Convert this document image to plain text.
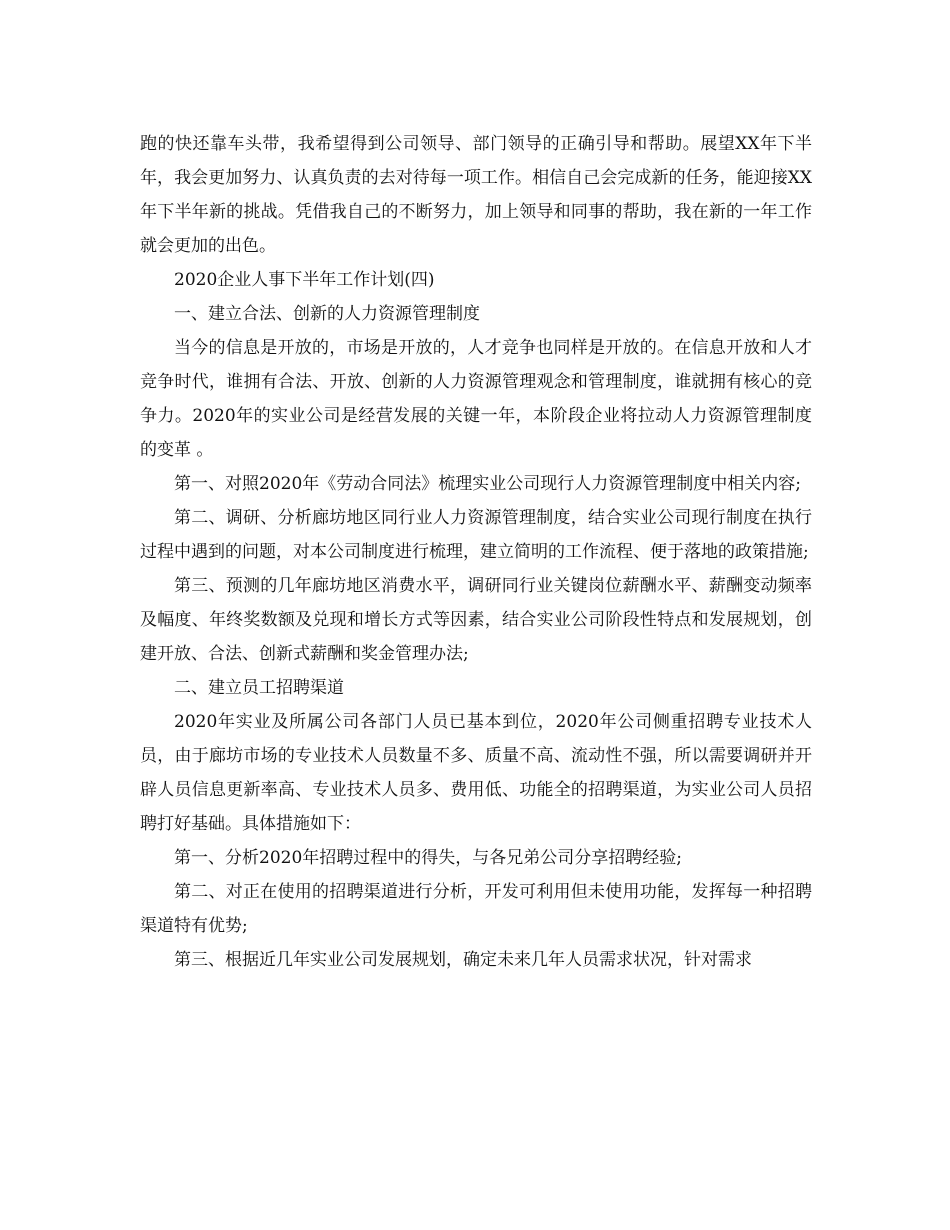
跑的快还靠车头带，我希望得到公司领导、部门领导的正确引导和帮助。展望XX年下半年，我会更加努力、认真负责的去对待每一项工作。相信自己会完成新的任务，能迎接XX年下半年新的挑战。凭借我自己的不断努力，加上领导和同事的帮助，我在新的一年工作就会更加的出色。

2020企业人事下半年工作计划(四)

一、建立合法、创新的人力资源管理制度

当今的信息是开放的，市场是开放的，人才竞争也同样是开放的。在信息开放和人才竞争时代，谁拥有合法、开放、创新的人力资源管理观念和管理制度，谁就拥有核心的竞争力。2020年的实业公司是经营发展的关键一年，本阶段企业将拉动人力资源管理制度的变革 。

第一、对照2020年《劳动合同法》梳理实业公司现行人力资源管理制度中相关内容;

第二、调研、分析廊坊地区同行业人力资源管理制度，结合实业公司现行制度在执行过程中遇到的问题，对本公司制度进行梳理，建立简明的工作流程、便于落地的政策措施;

第三、预测的几年廊坊地区消费水平，调研同行业关键岗位薪酬水平、薪酬变动频率及幅度、年终奖数额及兑现和增长方式等因素，结合实业公司阶段性特点和发展规划，创建开放、合法、创新式薪酬和奖金管理办法;

二、建立员工招聘渠道

2020年实业及所属公司各部门人员已基本到位，2020年公司侧重招聘专业技术人员，由于廊坊市场的专业技术人员数量不多、质量不高、流动性不强，所以需要调研并开辟人员信息更新率高、专业技术人员多、费用低、功能全的招聘渠道，为实业公司人员招聘打好基础。具体措施如下：

第一、分析2020年招聘过程中的得失，与各兄弟公司分享招聘经验;

第二、对正在使用的招聘渠道进行分析，开发可利用但未使用功能，发挥每一种招聘渠道特有优势;

第三、根据近几年实业公司发展规划，确定未来几年人员需求状况，针对需求
